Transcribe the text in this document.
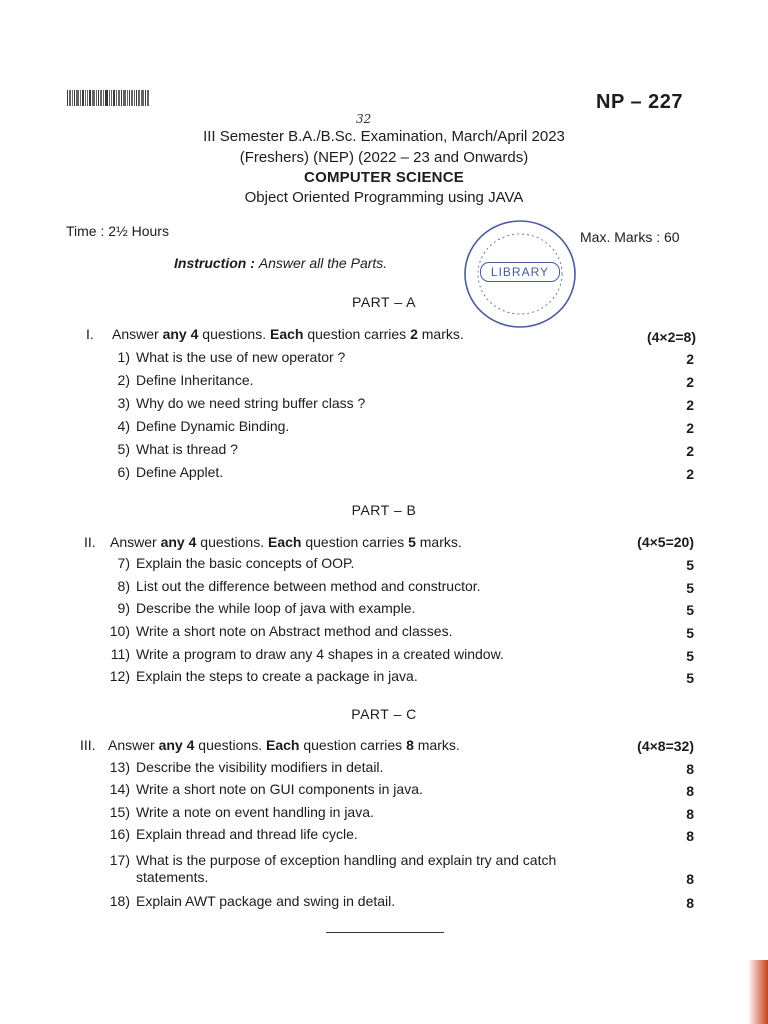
NP – 227
32
III Semester B.A./B.Sc. Examination, March/April 2023
(Freshers) (NEP) (2022 – 23 and Onwards)
COMPUTER SCIENCE
Object Oriented Programming using JAVA
Time : 2½ Hours	Max. Marks : 60
LIBRARY
Instruction : Answer all the Parts.
PART – A
I. Answer any 4 questions. Each question carries 2 marks.	(4×2=8)
1) What is the use of new operator ?	2
2) Define Inheritance.	2
3) Why do we need string buffer class ?	2
4) Define Dynamic Binding.	2
5) What is thread ?	2
6) Define Applet.	2
PART – B
II. Answer any 4 questions. Each question carries 5 marks.	(4×5=20)
7) Explain the basic concepts of OOP.	5
8) List out the difference between method and constructor.	5
9) Describe the while loop of java with example.	5
10) Write a short note on Abstract method and classes.	5
11) Write a program to draw any 4 shapes in a created window.	5
12) Explain the steps to create a package in java.	5
PART – C
III. Answer any 4 questions. Each question carries 8 marks.	(4×8=32)
13) Describe the visibility modifiers in detail.	8
14) Write a short note on GUI components in java.	8
15) Write a note on event handling in java.	8
16) Explain thread and thread life cycle.	8
17) What is the purpose of exception handling and explain try and catch
statements.	8
18) Explain AWT package and swing in detail.	8
